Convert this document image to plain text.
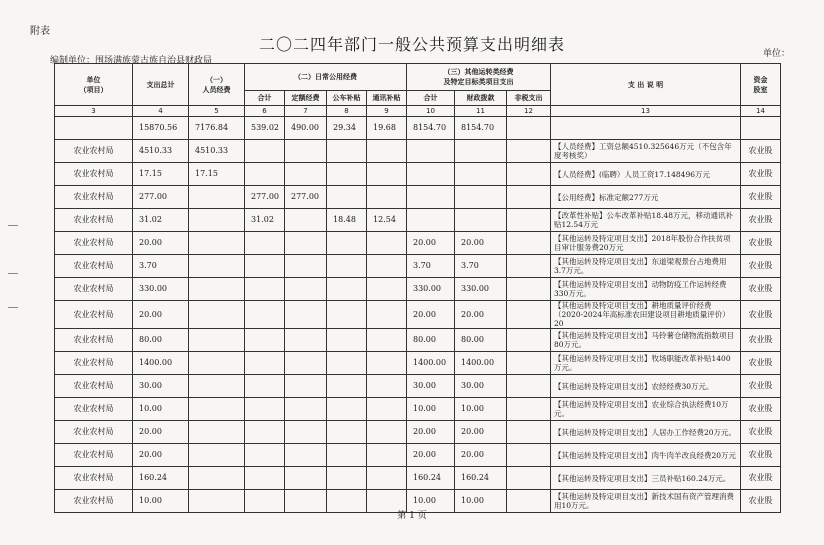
附表
二〇二四年部门一般公共预算支出明细表	单位：
编制单位：围场满族蒙古族自治县财政局
单位
（项目）	支出总计	（一）
人员经费	（二）日常公用经费				（三）其他运转类经费
及特定目标类项目支出			支 出 说 明	资金
股室
			合计	定额经费	公车补贴	通讯补贴	合计	财政拨款	非税支出		
3	4	5	6	7	8	9	10	11	12	13	14
	15870.56	7176.84	539.02	490.00	29.34	19.68	8154.70	8154.70			
农业农村局	4510.33	4510.33								【人员经费】工资总额4510.325646万元（不包含年度考核奖）	农业股
农业农村局	17.15	17.15								【人员经费】(临聘）人员工资17.148496万元	农业股
农业农村局	277.00		277.00	277.00						【公用经费】标准定额277万元	农业股
农业农村局	31.02		31.02		18.48	12.54				【改革性补贴】公车改革补贴18.48万元，移动通讯补贴12.54万元	农业股
农业农村局	20.00						20.00	20.00		【其他运转及特定项目支出】2018年股份合作扶贫项目审计服务费20万元	农业股
农业农村局	3.70						3.70	3.70		【其他运转及特定项目支出】东道梁观景台占地费用3.7万元。	农业股
农业农村局	330.00						330.00	330.00		【其他运转及特定项目支出】动物防疫工作运转经费330万元。	农业股
农业农村局	20.00						20.00	20.00		【其他运转及特定项目支出】耕地质量评价经费（2020-2024年高标准农田建设项目耕地质量评价）20	农业股
农业农村局	80.00						80.00	80.00		【其他运转及特定项目支出】马铃薯仓储物流指数项目80万元。	农业股
农业农村局	1400.00						1400.00	1400.00		【其他运转及特定项目支出】牧场职能改革补贴1400万元。	农业股
农业农村局	30.00						30.00	30.00		【其他运转及特定项目支出】农经经费30万元。	农业股
农业农村局	10.00						10.00	10.00		【其他运转及特定项目支出】农业综合执法经费10万元。	农业股
农业农村局	20.00						20.00	20.00		【其他运转及特定项目支出】人居办工作经费20万元。	农业股
农业农村局	20.00						20.00	20.00		【其他运转及特定项目支出】肉牛肉羊改良经费20万元	农业股
农业农村局	160.24						160.24	160.24		【其他运转及特定项目支出】三员补贴160.24万元。	农业股
农业农村局	10.00						10.00	10.00		【其他运转及特定项目支出】新技术国有资产管理消费用10万元。	农业股
第 1 页
